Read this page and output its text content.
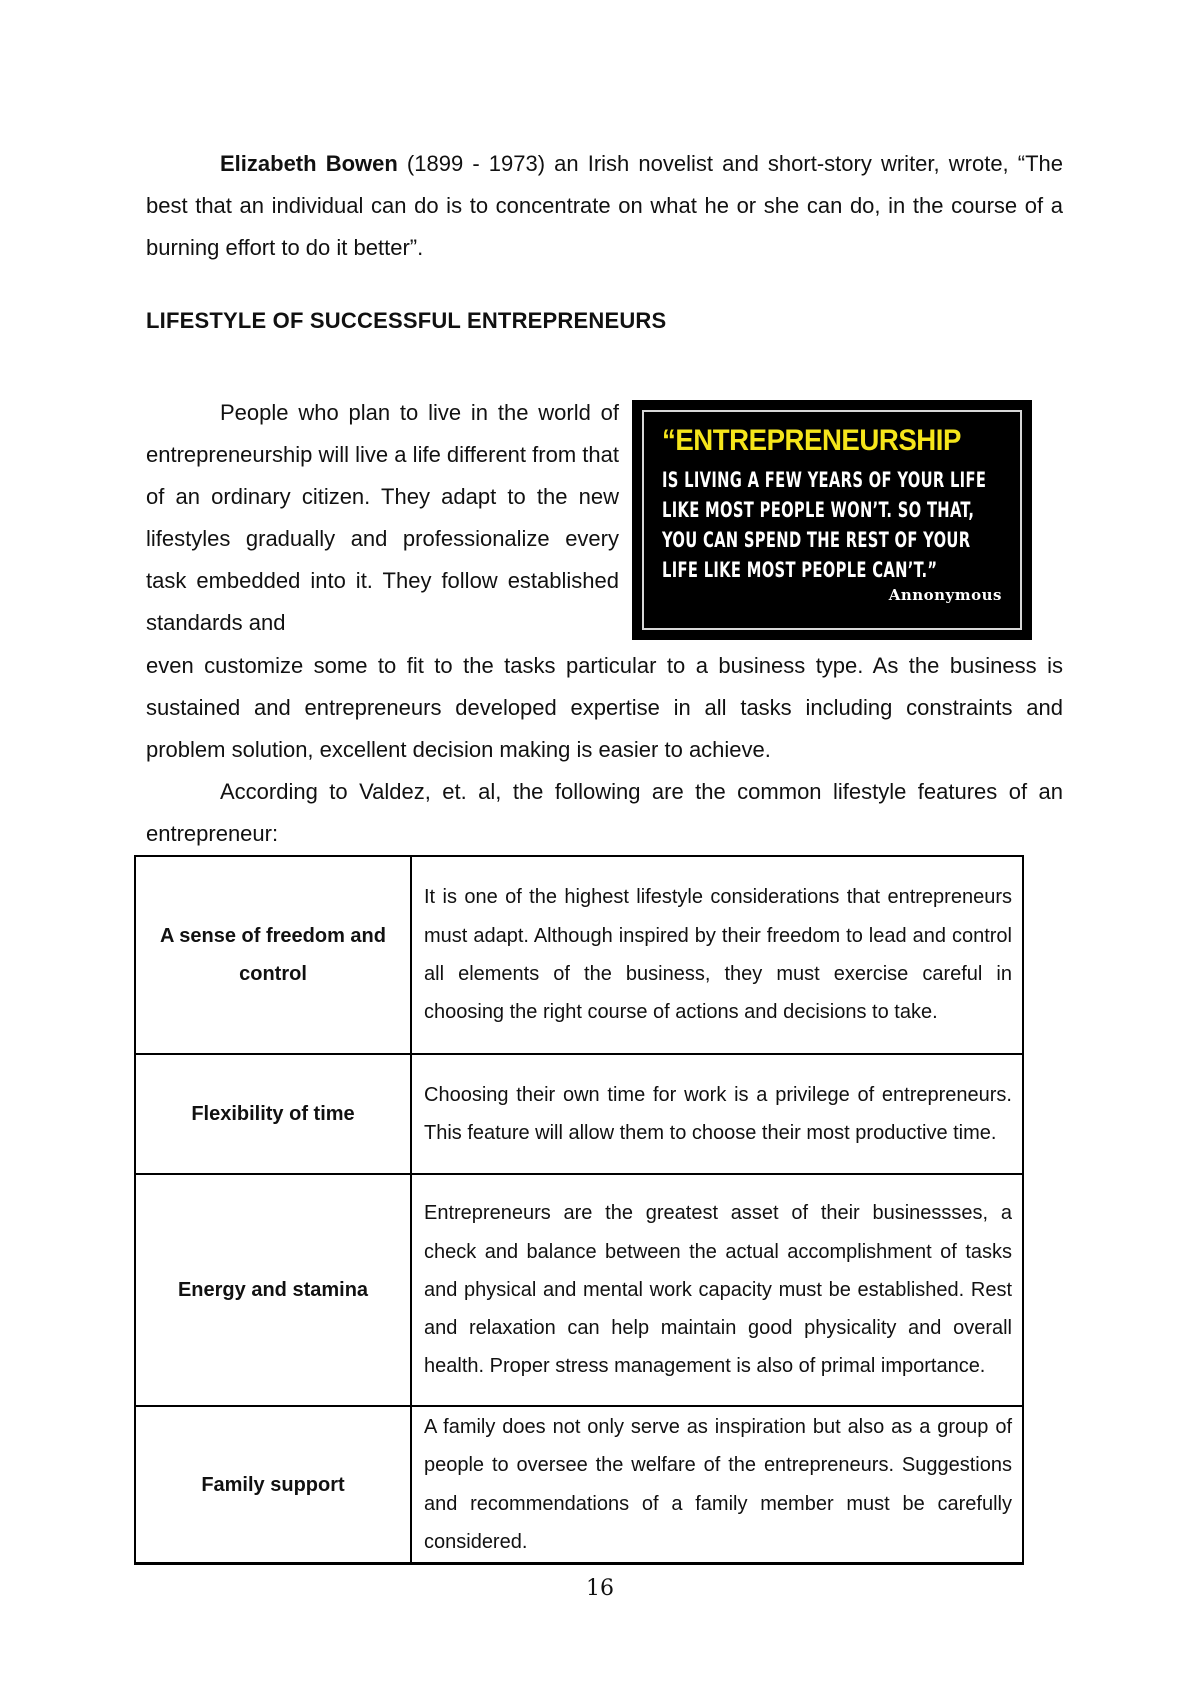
Elizabeth Bowen (1899 - 1973) an Irish novelist and short-story writer, wrote, “The best that an individual can do is to concentrate on what he or she can do, in the course of a burning effort to do it better”.

LIFESTYLE OF SUCCESSFUL ENTREPRENEURS

People who plan to live in the world of entrepreneurship will live a life different from that of an ordinary citizen. They adapt to the new lifestyles gradually and professionalize every task embedded into it. They follow established standards and

“ENTREPRENEURSHIP
IS LIVING A FEW YEARS OF YOUR LIFE
LIKE MOST PEOPLE WON’T. SO THAT,
YOU CAN SPEND THE REST OF YOUR
LIFE LIKE MOST PEOPLE CAN’T.”
Annonymous

even customize some to fit to the tasks particular to a business type. As the business is sustained and entrepreneurs developed expertise in all tasks including constraints and problem solution, excellent decision making is easier to achieve.

According to Valdez, et. al, the following are the common lifestyle features of an entrepreneur:

A sense of freedom and control	It is one of the highest lifestyle considerations that entrepreneurs must adapt. Although inspired by their freedom to lead and control all elements of the business, they must exercise careful in choosing the right course of actions and decisions to take.
Flexibility of time	Choosing their own time for work is a privilege of entrepreneurs. This feature will allow them to choose their most productive time.
Energy and stamina	Entrepreneurs are the greatest asset of their businessses, a check and balance between the actual accomplishment of tasks and physical and mental work capacity must be established. Rest and relaxation can help maintain good physicality and overall health. Proper stress management is also of primal importance.
Family support	A family does not only serve as inspiration but also as a group of people to oversee the welfare of the entrepreneurs. Suggestions and recommendations of a family member must be carefully considered.
16
